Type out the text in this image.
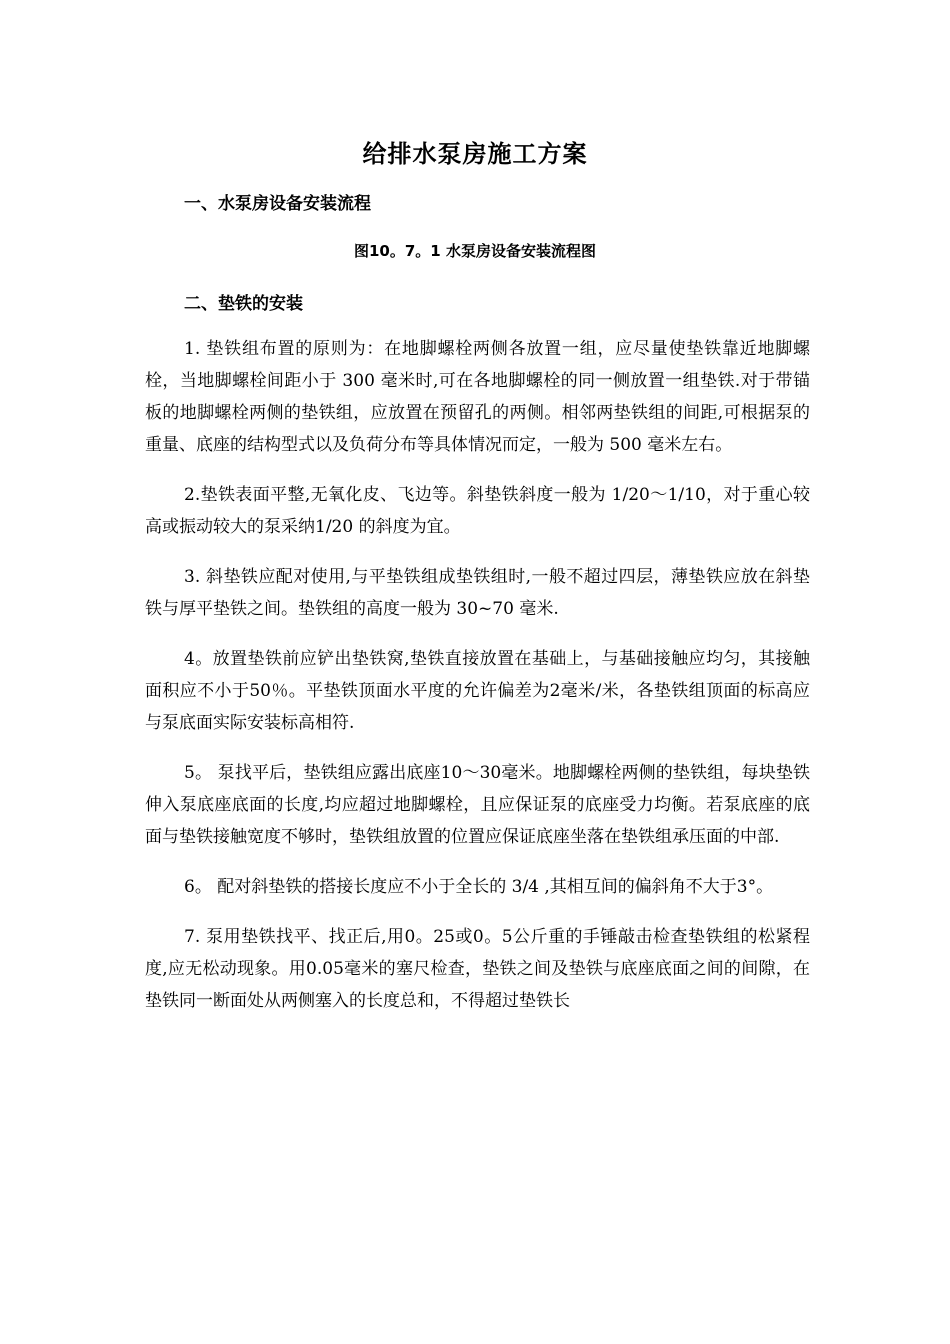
给排水泵房施工方案
一、水泵房设备安装流程
图10。7。1 水泵房设备安装流程图
二、垫铁的安装

1. 垫铁组布置的原则为：在地脚螺栓两侧各放置一组，应尽量使垫铁靠近地脚螺栓，当地脚螺栓间距小于 300 毫米时,可在各地脚螺栓的同一侧放置一组垫铁.对于带锚板的地脚螺栓两侧的垫铁组，应放置在预留孔的两侧。相邻两垫铁组的间距,可根据泵的重量、底座的结构型式以及负荷分布等具体情况而定，一般为 500 毫米左右。

2.垫铁表面平整,无氧化皮、飞边等。斜垫铁斜度一般为 1/20～1/10，对于重心较高或振动较大的泵采纳1/20 的斜度为宜。

3. 斜垫铁应配对使用,与平垫铁组成垫铁组时,一般不超过四层，薄垫铁应放在斜垫铁与厚平垫铁之间。垫铁组的高度一般为 30~70 毫米.

4。放置垫铁前应铲出垫铁窝,垫铁直接放置在基础上，与基础接触应均匀，其接触面积应不小于50％。平垫铁顶面水平度的允许偏差为2毫米/米，各垫铁组顶面的标高应与泵底面实际安装标高相符.

5。 泵找平后，垫铁组应露出底座10～30毫米。地脚螺栓两侧的垫铁组，每块垫铁伸入泵底座底面的长度,均应超过地脚螺栓，且应保证泵的底座受力均衡。若泵底座的底面与垫铁接触宽度不够时，垫铁组放置的位置应保证底座坐落在垫铁组承压面的中部.

6。 配对斜垫铁的搭接长度应不小于全长的 3/4 ,其相互间的偏斜角不大于3°。

7. 泵用垫铁找平、找正后,用0。25或0。5公斤重的手锤敲击检查垫铁组的松紧程度,应无松动现象。用0.05毫米的塞尺检查，垫铁之间及垫铁与底座底面之间的间隙，在垫铁同一断面处从两侧塞入的长度总和，不得超过垫铁长
